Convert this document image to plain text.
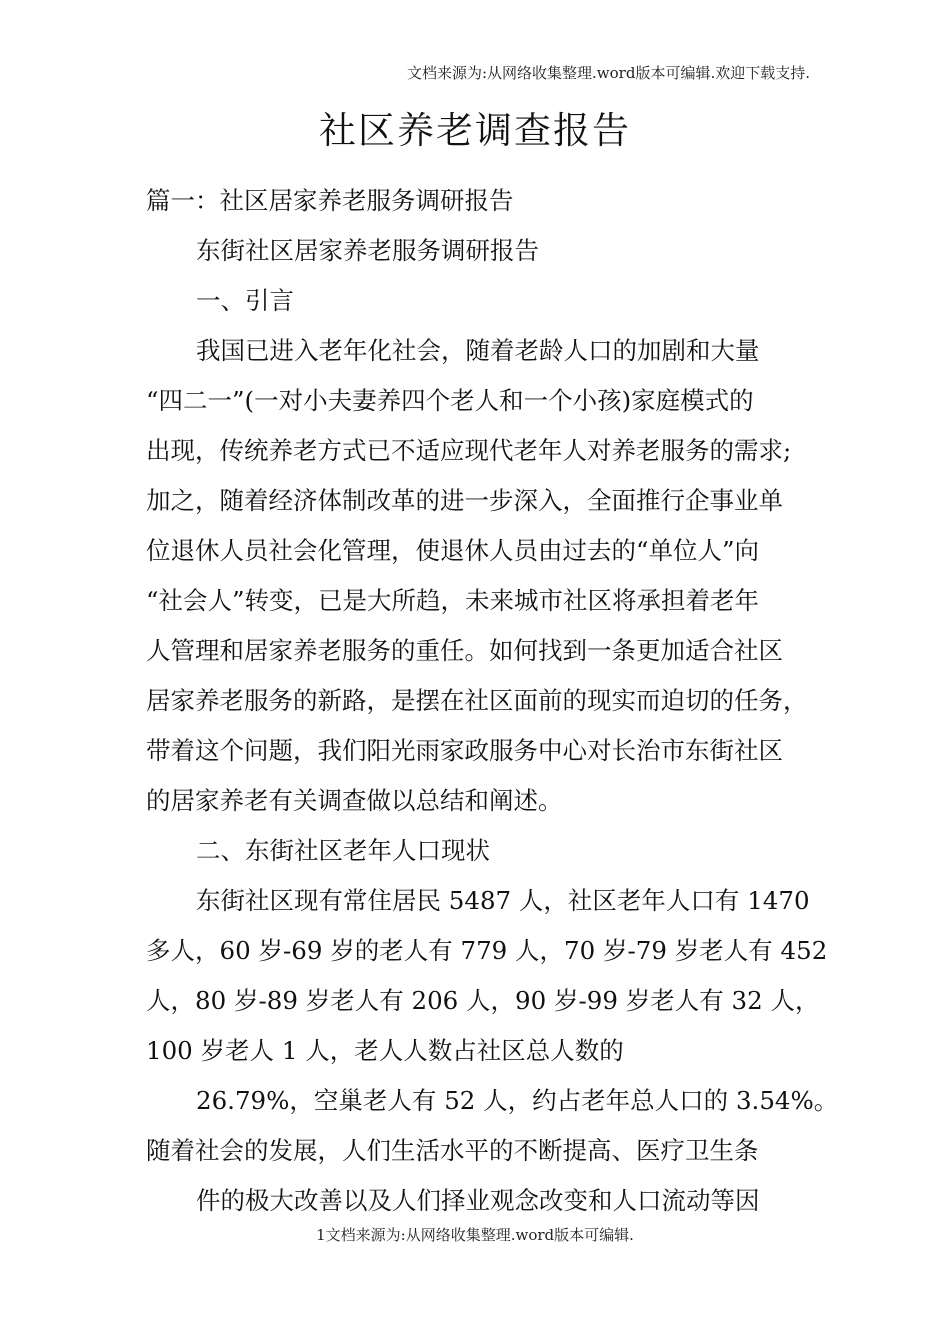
文档来源为:从网络收集整理.word版本可编辑.欢迎下载支持.
社区养老调查报告
篇一：社区居家养老服务调研报告
东街社区居家养老服务调研报告
一、引言
我国已进入老年化社会，随着老龄人口的加剧和大量
“四二一”(一对小夫妻养四个老人和一个小孩)家庭模式的
出现，传统养老方式已不适应现代老年人对养老服务的需求;
加之，随着经济体制改革的进一步深入，全面推行企事业单
位退休人员社会化管理，使退休人员由过去的“单位人”向
“社会人”转变，已是大所趋，未来城市社区将承担着老年
人管理和居家养老服务的重任。如何找到一条更加适合社区
居家养老服务的新路，是摆在社区面前的现实而迫切的任务，
带着这个问题，我们阳光雨家政服务中心对长治市东街社区
的居家养老有关调查做以总结和阐述。
二、东街社区老年人口现状
东街社区现有常住居民 5487 人，社区老年人口有 1470
多人，60 岁-69 岁的老人有 779 人，70 岁-79 岁老人有 452
人，80 岁-89 岁老人有 206 人，90 岁-99 岁老人有 32 人，
100 岁老人 1 人，老人人数占社区总人数的
26.79%，空巢老人有 52 人，约占老年总人口的 3.54%。
随着社会的发展，人们生活水平的不断提高、医疗卫生条
件的极大改善以及人们择业观念改变和人口流动等因
1文档来源为:从网络收集整理.word版本可编辑.
